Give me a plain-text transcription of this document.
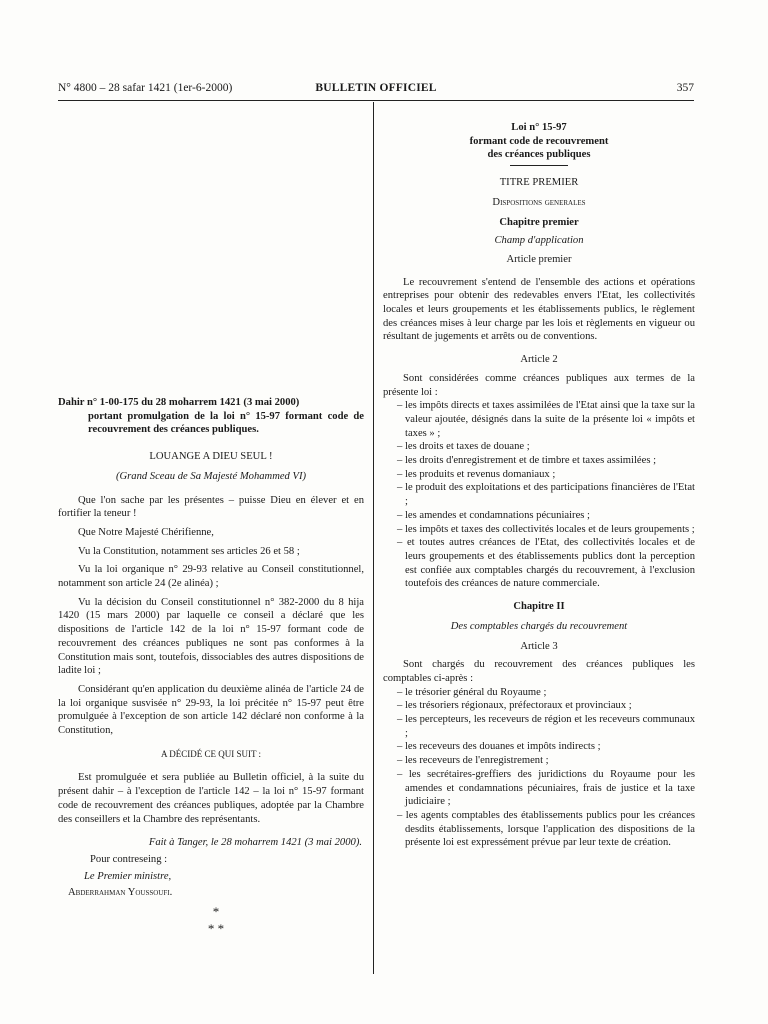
N° 4800 – 28 safar 1421 (1er-6-2000)	BULLETIN OFFICIEL	357

Dahir n° 1-00-175 du 28 moharrem 1421 (3 mai 2000)
portant promulgation de la loi n° 15-97 formant code de recouvrement des créances publiques.

LOUANGE A DIEU SEUL !

(Grand Sceau de Sa Majesté Mohammed VI)

Que l'on sache par les présentes – puisse Dieu en élever et en fortifier la teneur !

Que Notre Majesté Chérifienne,

Vu la Constitution, notamment ses articles 26 et 58 ;

Vu la loi organique n° 29-93 relative au Conseil constitutionnel, notamment son article 24 (2e alinéa) ;

Vu la décision du Conseil constitutionnel n° 382-2000 du 8 hija 1420 (15 mars 2000) par laquelle ce conseil a déclaré que les dispositions de l'article 142 de la loi n° 15-97 formant code de recouvrement des créances publiques ne sont pas conformes à la Constitution mais sont, toutefois, dissociables des autres dispositions de ladite loi ;

Considérant qu'en application du deuxième alinéa de l'article 24 de la loi organique susvisée n° 29-93, la loi précitée n° 15-97 peut être promulguée à l'exception de son article 142 déclaré non conforme à la Constitution,

A DÉCIDÉ CE QUI SUIT :

Est promulguée et sera publiée au Bulletin officiel, à la suite du présent dahir – à l'exception de l'article 142 – la loi n° 15-97 formant code de recouvrement des créances publiques, adoptée par la Chambre des conseillers et la Chambre des représentants.

Fait à Tanger, le 28 moharrem 1421 (3 mai 2000).

Pour contreseing :

Le Premier ministre,

Abderrahman Youssoufi.

*

* *

Loi n° 15-97

formant code de recouvrement

des créances publiques

TITRE PREMIER

Dispositions generales

Chapitre premier

Champ d'application

Article premier

Le recouvrement s'entend de l'ensemble des actions et opérations entreprises pour obtenir des redevables envers l'Etat, les collectivités locales et leurs groupements et les établissements publics, le règlement des créances mises à leur charge par les lois et règlements en vigueur ou résultant de jugements et arrêts ou de conventions.

Article 2

Sont considérées comme créances publiques aux termes de la présente loi :

– les impôts directs et taxes assimilées de l'Etat ainsi que la taxe sur la valeur ajoutée, désignés dans la suite de la présente loi « impôts et taxes » ;

– les droits et taxes de douane ;

– les droits d'enregistrement et de timbre et taxes assimilées ;

– les produits et revenus domaniaux ;

– le produit des exploitations et des participations financières de l'Etat ;

– les amendes et condamnations pécuniaires ;

– les impôts et taxes des collectivités locales et de leurs groupements ;

– et toutes autres créances de l'Etat, des collectivités locales et de leurs groupements et des établissements publics dont la perception est confiée aux comptables chargés du recouvrement, à l'exclusion toutefois des créances de nature commerciale.

Chapitre II

Des comptables chargés du recouvrement

Article 3

Sont chargés du recouvrement des créances publiques les comptables ci-après :

– le trésorier général du Royaume ;

– les trésoriers régionaux, préfectoraux et provinciaux ;

– les percepteurs, les receveurs de région et les receveurs communaux ;

– les receveurs des douanes et impôts indirects ;

– les receveurs de l'enregistrement ;

– les secrétaires-greffiers des juridictions du Royaume pour les amendes et condamnations pécuniaires, frais de justice et la taxe judiciaire ;

– les agents comptables des établissements publics pour les créances desdits établissements, lorsque l'application des dispositions de la présente loi est expressément prévue par leur texte de création.
